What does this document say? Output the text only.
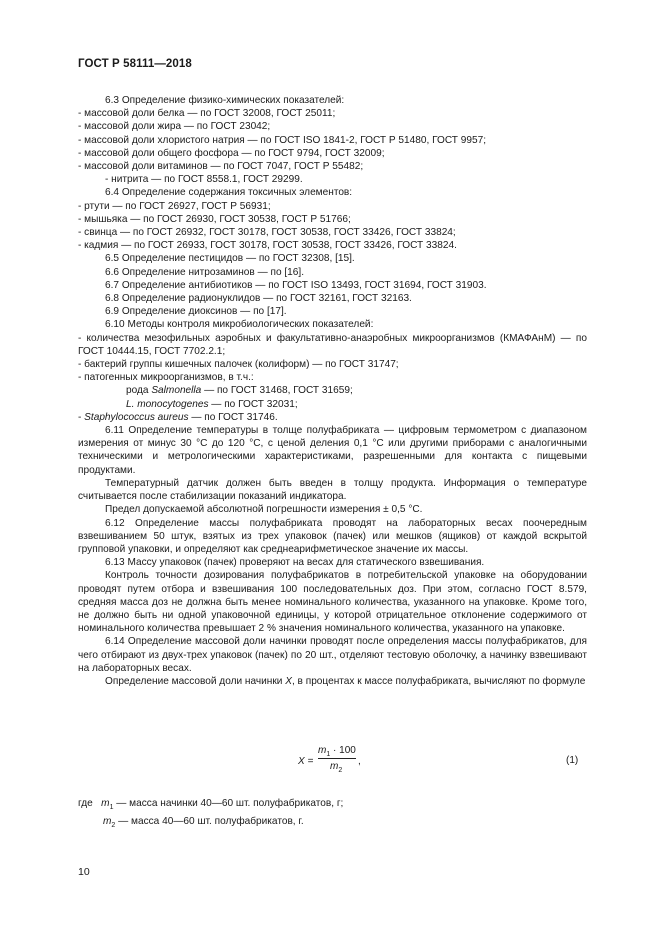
ГОСТ Р 58111—2018

6.3 Определение физико-химических показателей:

- массовой доли белка — по ГОСТ 32008, ГОСТ 25011;

- массовой доли жира — по ГОСТ 23042;

- массовой доли хлористого натрия — по ГОСТ ISO 1841-2, ГОСТ Р 51480, ГОСТ 9957;

- массовой доли общего фосфора — по ГОСТ 9794, ГОСТ 32009;

- массовой доли витаминов — по ГОСТ 7047, ГОСТ Р 55482;

- нитрита — по ГОСТ 8558.1, ГОСТ 29299.

6.4 Определение содержания токсичных элементов:

- ртути — по ГОСТ 26927, ГОСТ Р 56931;

- мышьяка — по ГОСТ 26930, ГОСТ 30538, ГОСТ Р 51766;

- свинца — по ГОСТ 26932, ГОСТ 30178, ГОСТ 30538, ГОСТ 33426, ГОСТ 33824;

- кадмия — по ГОСТ 26933, ГОСТ 30178, ГОСТ 30538, ГОСТ 33426, ГОСТ 33824.

6.5 Определение пестицидов — по ГОСТ 32308, [15].

6.6 Определение нитрозаминов — по [16].

6.7 Определение антибиотиков — по ГОСТ ISO 13493, ГОСТ 31694, ГОСТ 31903.

6.8 Определение радионуклидов — по ГОСТ 32161, ГОСТ 32163.

6.9 Определение диоксинов — по [17].

6.10 Методы контроля микробиологических показателей:

- количества мезофильных аэробных и факультативно-анаэробных микроорганизмов (КМАФАнМ) — по ГОСТ 10444.15, ГОСТ 7702.2.1;

- бактерий группы кишечных палочек (колиформ) — по ГОСТ 31747;

- патогенных микроорганизмов, в т.ч.:

рода Salmonella — по ГОСТ 31468, ГОСТ 31659;

L. monocytogenes — по ГОСТ 32031;

- Staphylococcus aureus — по ГОСТ 31746.

6.11 Определение температуры в толще полуфабриката — цифровым термометром с диапазоном измерения от минус 30 °С до 120 °С, с ценой деления 0,1 °С или другими приборами с аналогичными техническими и метрологическими характеристиками, разрешенными для контакта с пищевыми продуктами.

Температурный датчик должен быть введен в толщу продукта. Информация о температуре считывается после стабилизации показаний индикатора.

Предел допускаемой абсолютной погрешности измерения ± 0,5 °С.

6.12 Определение массы полуфабриката проводят на лабораторных весах поочередным взвешиванием 50 штук, взятых из трех упаковок (пачек) или мешков (ящиков) от каждой вскрытой групповой упаковки, и определяют как среднеарифметическое значение их массы.

6.13 Массу упаковок (пачек) проверяют на весах для статического взвешивания.

Контроль точности дозирования полуфабрикатов в потребительской упаковке на оборудовании проводят путем отбора и взвешивания 100 последовательных доз. При этом, согласно ГОСТ 8.579, средняя масса доз не должна быть менее номинального количества, указанного на упаковке. Кроме того, не должно быть ни одной упаковочной единицы, у которой отрицательное отклонение содержимого от номинального количества превышает 2 % значения номинального количества, указанного на упаковке.

6.14 Определение массовой доли начинки проводят после определения массы полуфабрикатов, для чего отбирают из двух-трех упаковок (пачек) по 20 шт., отделяют тестовую оболочку, а начинку взвешивают на лабораторных весах.

Определение массовой доли начинки X, в процентах к массе полуфабриката, вычисляют по формуле

X =
$m_1 \cdot 100$
$m_2$
,	(1)
где $m_1$ — масса начинки 40—60 шт. полуфабрикатов, г;
$m_2$ — масса 40—60 шт. полуфабрикатов, г.
10
